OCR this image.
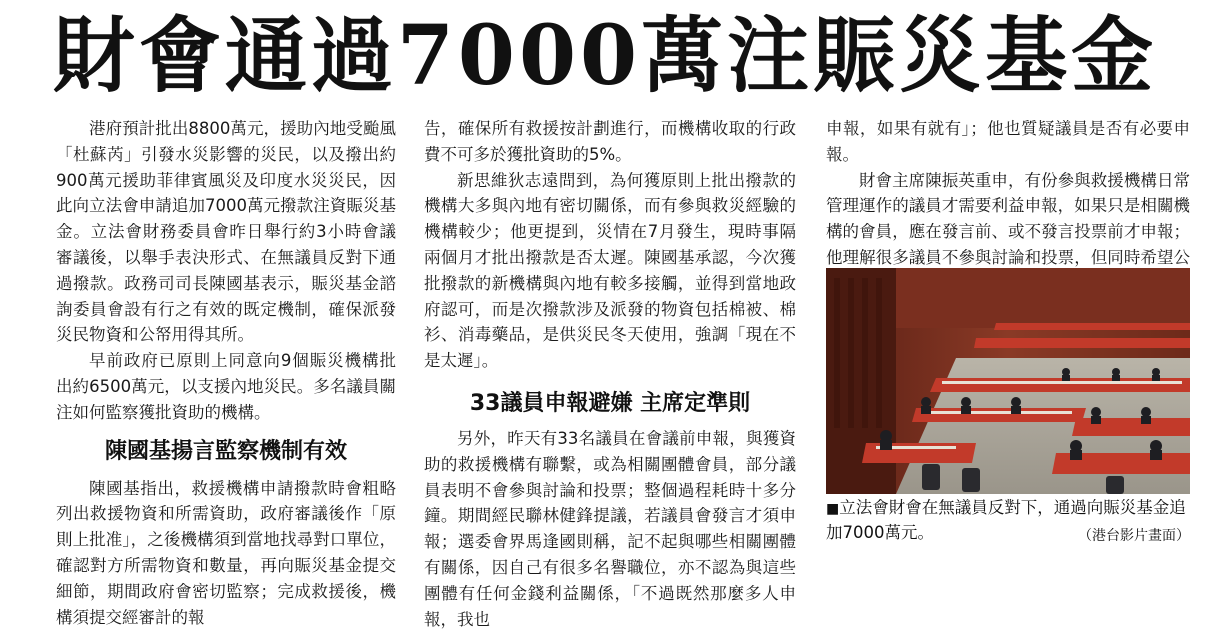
財會通過7000萬注賑災基金

港府預計批出8800萬元，援助內地受颱風「杜蘇芮」引發水災影響的災民，以及撥出約900萬元援助菲律賓風災及印度水災災民，因此向立法會申請追加7000萬元撥款注資賑災基金。立法會財務委員會昨日舉行約3小時會議審議後，以舉手表決形式、在無議員反對下通過撥款。政務司司長陳國基表示，賑災基金諮詢委員會設有行之有效的既定機制，確保派發災民物資和公帑用得其所。

早前政府已原則上同意向9個賑災機構批出約6500萬元，以支援內地災民。多名議員關注如何監察獲批資助的機構。

陳國基揚言監察機制有效

陳國基指出，救援機構申請撥款時會粗略列出救援物資和所需資助，政府審議後作「原則上批准」，之後機構須到當地找尋對口單位，確認對方所需物資和數量，再向賑災基金提交細節，期間政府會密切監察；完成救援後，機構須提交經審計的報

告，確保所有救援按計劃進行，而機構收取的行政費不可多於獲批資助的5%。

新思維狄志遠問到，為何獲原則上批出撥款的機構大多與內地有密切關係，而有參與救災經驗的機構較少；他更提到，災情在7月發生，現時事隔兩個月才批出撥款是否太遲。陳國基承認，今次獲批撥款的新機構與內地有較多接觸，並得到當地政府認可，而是次撥款涉及派發的物資包括棉被、棉衫、消毒藥品，是供災民冬天使用，強調「現在不是太遲」。

33議員申報避嫌 主席定準則

另外，昨天有33名議員在會議前申報，與獲資助的救援機構有聯繫，或為相關團體會員，部分議員表明不會參與討論和投票；整個過程耗時十多分鐘。期間經民聯林健鋒提議，若議員會發言才須申報；選委會界馬逢國則稱，記不起與哪些相關團體有關係，因自己有很多名譽職位，亦不認為與這些團體有任何金錢利益關係，「不過既然那麼多人申報，我也

申報，如果有就有」；他也質疑議員是否有必要申報。

財會主席陳振英重申，有份參與救援機構日常管理運作的議員才需要利益申報，如果只是相關機構的會員，應在發言前、或不發言投票前才申報；他理解很多議員不參與討論和投票，但同時希望公

■立法會財會在無議員反對下，通過向賑災基金追加7000萬元。	（港台影片畫面）
